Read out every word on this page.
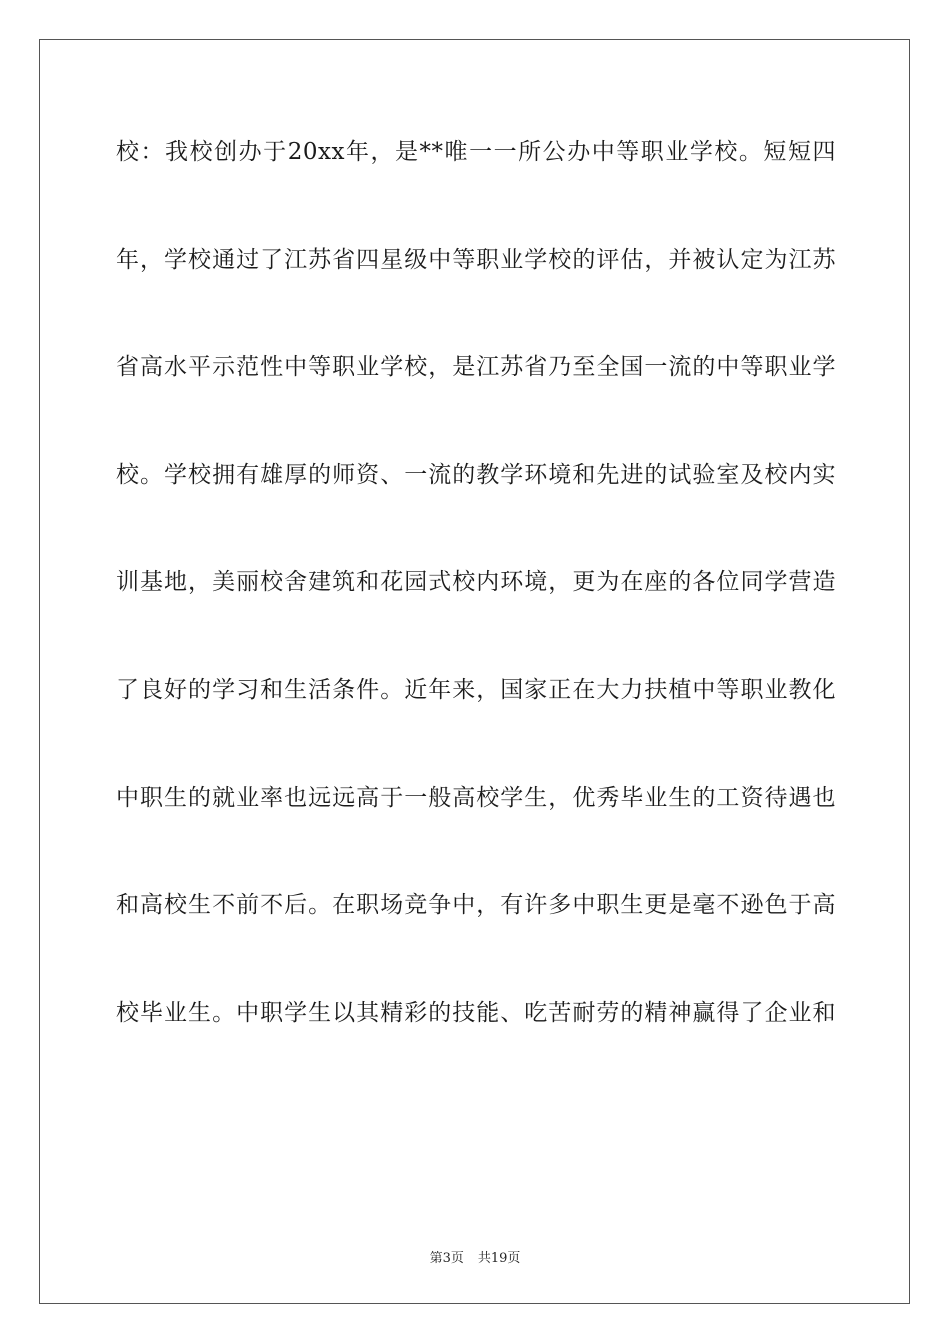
校：我校创办于20xx年，是**唯一一所公办中等职业学校。短短四
年，学校通过了江苏省四星级中等职业学校的评估，并被认定为江苏
省高水平示范性中等职业学校，是江苏省乃至全国一流的中等职业学
校。学校拥有雄厚的师资、一流的教学环境和先进的试验室及校内实
训基地，美丽校舍建筑和花园式校内环境，更为在座的各位同学营造
了良好的学习和生活条件。近年来，国家正在大力扶植中等职业教化
中职生的就业率也远远高于一般高校学生，优秀毕业生的工资待遇也
和高校生不前不后。在职场竞争中，有许多中职生更是毫不逊色于高
校毕业生。中职学生以其精彩的技能、吃苦耐劳的精神赢得了企业和
第3页 共19页
